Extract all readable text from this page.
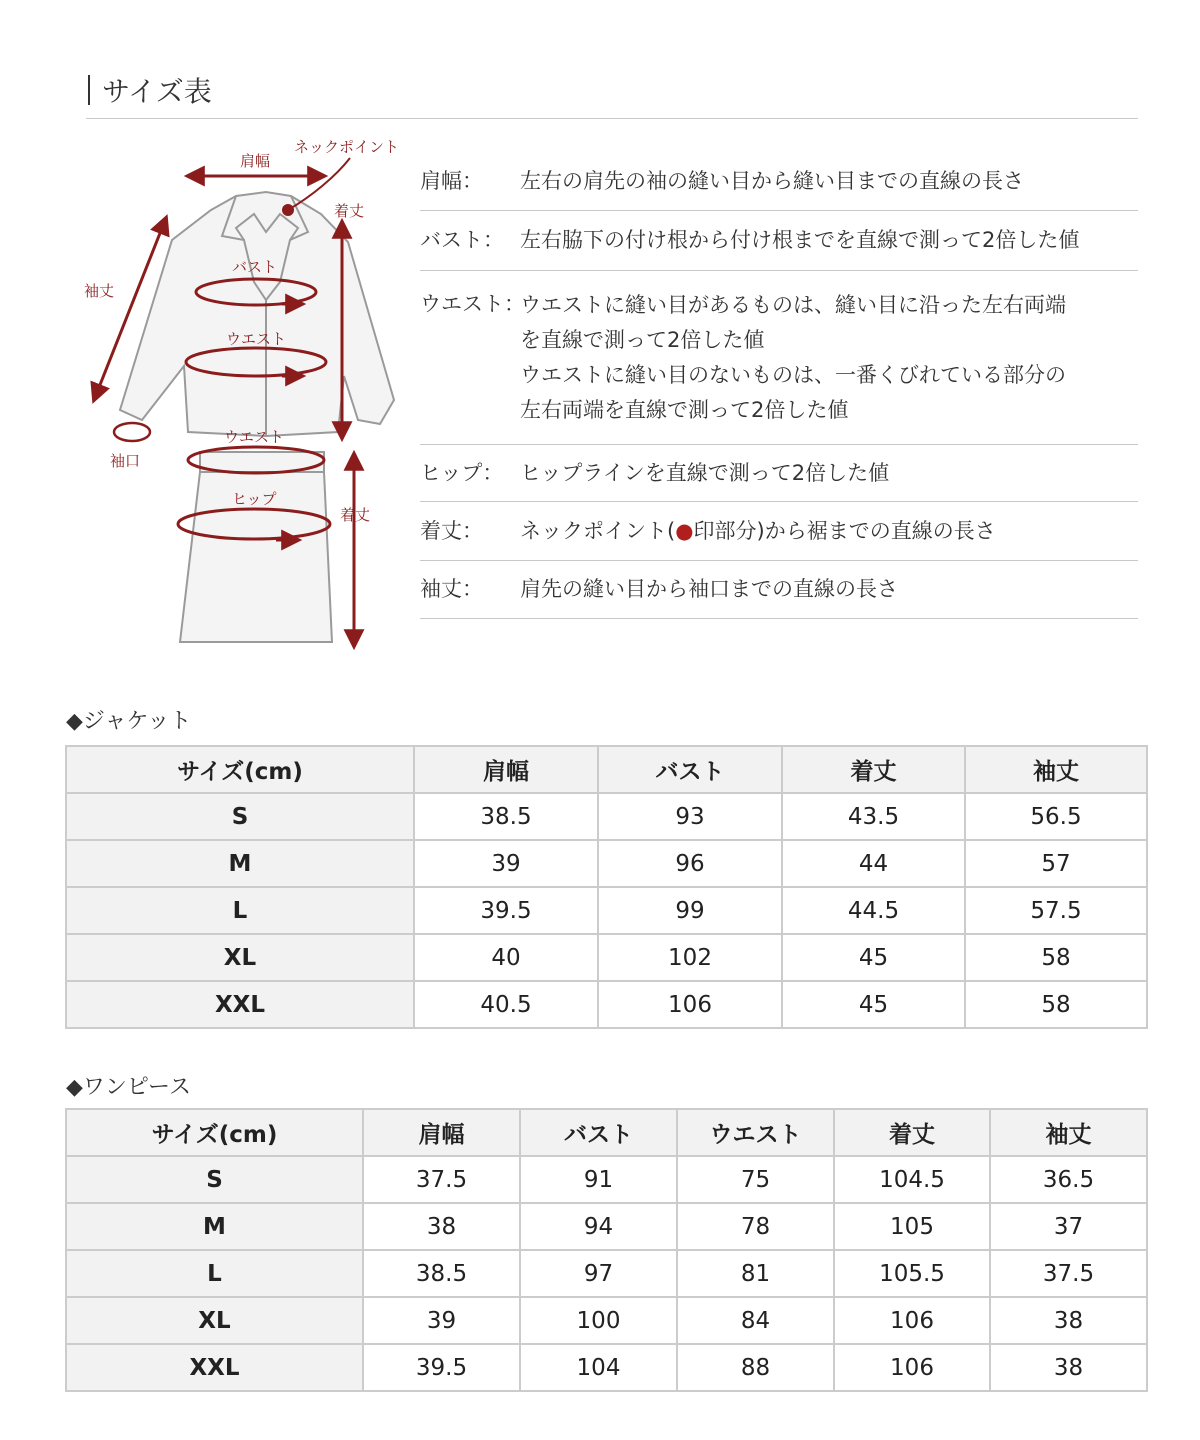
サイズ表
肩幅
ネックポイント
着丈
袖丈
袖口
バスト
ウエスト
ウエスト
ヒップ
着丈
肩幅：	左右の肩先の袖の縫い目から縫い目までの直線の長さ
バスト： 左右脇下の付け根から付け根までを直線で測って2倍した値
ウエスト：
ウエストに縫い目があるものは、縫い目に沿った左右両端
を直線で測って2倍した値
ウエストに縫い目のないものは、一番くびれている部分の
左右両端を直線で測って2倍した値
ヒップ： ヒップラインを直線で測って2倍した値
着丈：	ネックポイント(●印部分)から裾までの直線の長さ
袖丈：	肩先の縫い目から袖口までの直線の長さ
◆ジャケット
サイズ(cm)	肩幅	バスト	着丈	袖丈
S	38.5	93	43.5	56.5
M	39	96	44	57
L	39.5	99	44.5	57.5
XL	40	102	45	58
XXL	40.5	106	45	58
◆ワンピース
サイズ(cm)	肩幅	バスト	ウエスト	着丈	袖丈
S	37.5	91	75	104.5	36.5
M	38	94	78	105	37
L	38.5	97	81	105.5	37.5
XL	39	100	84	106	38
XXL	39.5	104	88	106	38
